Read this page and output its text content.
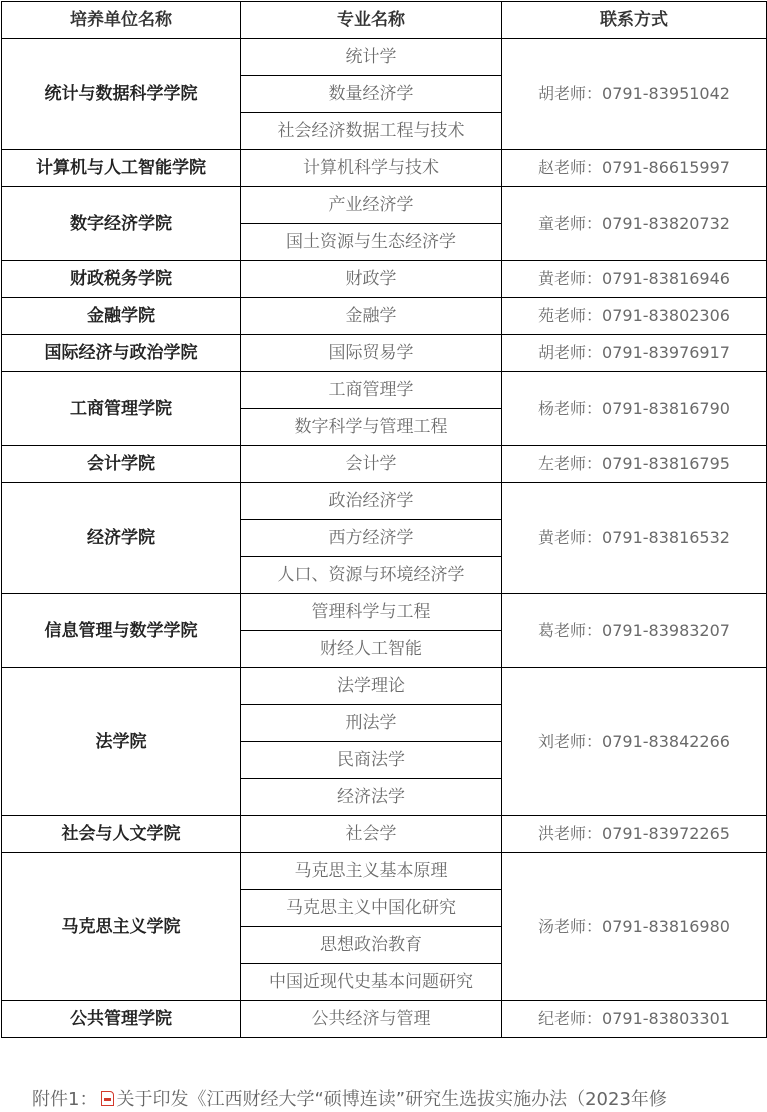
培养单位名称	专业名称	联系方式
统计与数据科学学院	统计学	胡老师：0791-83951042
	数量经济学	
	社会经济数据工程与技术	
计算机与人工智能学院	计算机科学与技术	赵老师：0791-86615997
数字经济学院	产业经济学	童老师：0791-83820732
	国土资源与生态经济学	
财政税务学院	财政学	黄老师：0791-83816946
金融学院	金融学	苑老师：0791-83802306
国际经济与政治学院	国际贸易学	胡老师：0791-83976917
工商管理学院	工商管理学	杨老师：0791-83816790
	数字科学与管理工程	
会计学院	会计学	左老师：0791-83816795
经济学院	政治经济学	黄老师：0791-83816532
	西方经济学	
	人口、资源与环境经济学	
信息管理与数学学院	管理科学与工程	葛老师：0791-83983207
	财经人工智能	
法学院	法学理论	刘老师：0791-83842266
	刑法学	
	民商法学	
	经济法学	
社会与人文学院	社会学	洪老师：0791-83972265
马克思主义学院	马克思主义基本原理	汤老师：0791-83816980
	马克思主义中国化研究	
	思想政治教育	
	中国近现代史基本问题研究	
公共管理学院	公共经济与管理	纪老师：0791-83803301
附件1： 关于印发《江西财经大学“硕博连读”研究生选拔实施办法（2023年修
